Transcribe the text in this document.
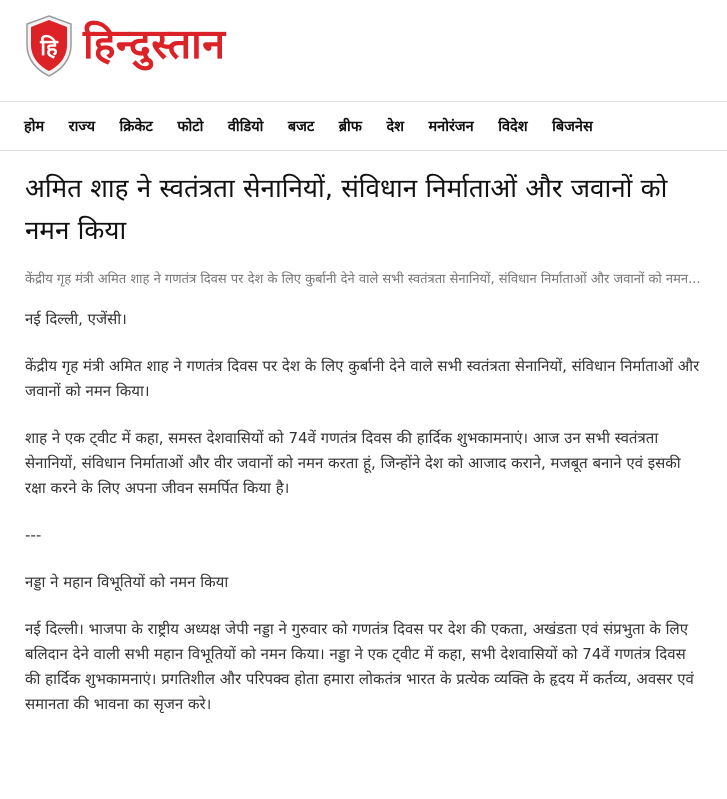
हि हिन्दुस्तान
होम राज्य क्रिकेट फोटो वीडियो बजट ब्रीफ देश मनोरंजन विदेश बिजनेस
अमित शाह ने स्वतंत्रता सेनानियों, संविधान निर्माताओं और जवानों को नमन किया

केंद्रीय गृह मंत्री अमित शाह ने गणतंत्र दिवस पर देश के लिए कुर्बानी देने वाले सभी स्वतंत्रता सेनानियों, संविधान निर्माताओं और जवानों को नमन...

नई दिल्ली, एजेंसी।

केंद्रीय गृह मंत्री अमित शाह ने गणतंत्र दिवस पर देश के लिए कुर्बानी देने वाले सभी स्वतंत्रता सेनानियों, संविधान निर्माताओं और जवानों को नमन किया।

शाह ने एक ट्वीट में कहा, समस्त देशवासियों को 74वें गणतंत्र दिवस की हार्दिक शुभकामनाएं। आज उन सभी स्वतंत्रता सेनानियों, संविधान निर्माताओं और वीर जवानों को नमन करता हूं, जिन्होंने देश को आजाद कराने, मजबूत बनाने एवं इसकी रक्षा करने के लिए अपना जीवन समर्पित किया है।

---

नड्डा ने महान विभूतियों को नमन किया

नई दिल्ली। भाजपा के राष्ट्रीय अध्यक्ष जेपी नड्डा ने गुरुवार को गणतंत्र दिवस पर देश की एकता, अखंडता एवं संप्रभुता के लिए बलिदान देने वाली सभी महान विभूतियों को नमन किया। नड्डा ने एक ट्वीट में कहा, सभी देशवासियों को 74वें गणतंत्र दिवस की हार्दिक शुभकामनाएं। प्रगतिशील और परिपक्व होता हमारा लोकतंत्र भारत के प्रत्येक व्यक्ति के हृदय में कर्तव्य, अवसर एवं समानता की भावना का सृजन करे।
